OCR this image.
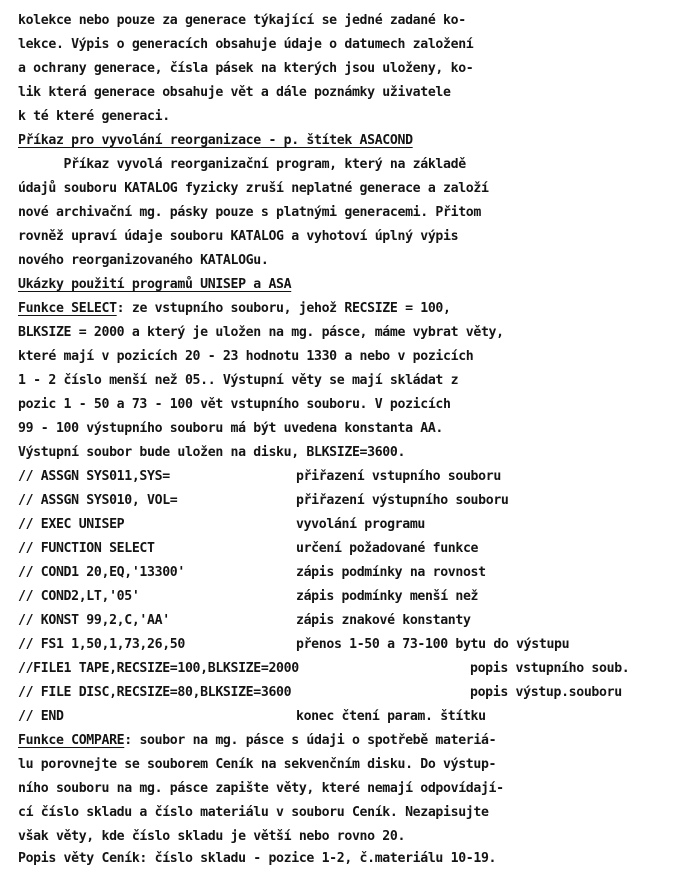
kolekce nebo pouze za generace týkající se jedné zadané ko-
lekce. Výpis o generacích obsahuje údaje o datumech založení
a ochrany generace, čísla pásek na kterých jsou uloženy, ko-
lik která generace obsahuje vět a dále poznámky uživatele
k té které generaci.
Příkaz pro vyvolání reorganizace - p. štítek ASACOND
Příkaz vyvolá reorganizační program, který na základě
údajů souboru KATALOG fyzicky zruší neplatné generace a založí
nové archivační mg. pásky pouze s platnými generacemi. Přitom
rovněž upraví údaje souboru KATALOG a vyhotoví úplný výpis
nového reorganizovaného KATALOGu.
Ukázky použití programů UNISEP a ASA
Funkce SELECT: ze vstupního souboru, jehož RECSIZE = 100,
BLKSIZE = 2000 a který je uložen na mg. pásce, máme vybrat věty,
které mají v pozicích 20 - 23 hodnotu 1330 a nebo v pozicích
1 - 2 číslo menší než 05.. Výstupní věty se mají skládat z
pozic 1 - 50 a 73 - 100 vět vstupního souboru. V pozicích
99 - 100 výstupního souboru má být uvedena konstanta AA.
Výstupní soubor bude uložen na disku, BLKSIZE=3600.
// ASSGN SYS011,SYS=	přiřazení vstupního souboru
// ASSGN SYS010, VOL=	přiřazení výstupního souboru
// EXEC UNISEP	vyvolání programu
// FUNCTION SELECT	určení požadované funkce
// COND1 20,EQ,'13300'	zápis podmínky na rovnost
// COND2,LT,'05'	zápis podmínky menší než
// KONST 99,2,C,'AA'	zápis znakové konstanty
// FS1 1,50,1,73,26,50	přenos 1-50 a 73-100 bytu do výstupu
//FILE1 TAPE,RECSIZE=100,BLKSIZE=2000	popis vstupního soub.
// FILE DISC,RECSIZE=80,BLKSIZE=3600	popis výstup.souboru
// END	konec čtení param. štítku
Funkce COMPARE: soubor na mg. pásce s údaji o spotřebě materiá-
lu porovnejte se souborem Ceník na sekvenčním disku. Do výstup-
ního souboru na mg. pásce zapište věty, které nemají odpovídají-
cí číslo skladu a číslo materiálu v souboru Ceník. Nezapisujte
však věty, kde číslo skladu je větší nebo rovno 20.
Popis věty Ceník: číslo skladu - pozice 1-2, č.materiálu 10-19.
